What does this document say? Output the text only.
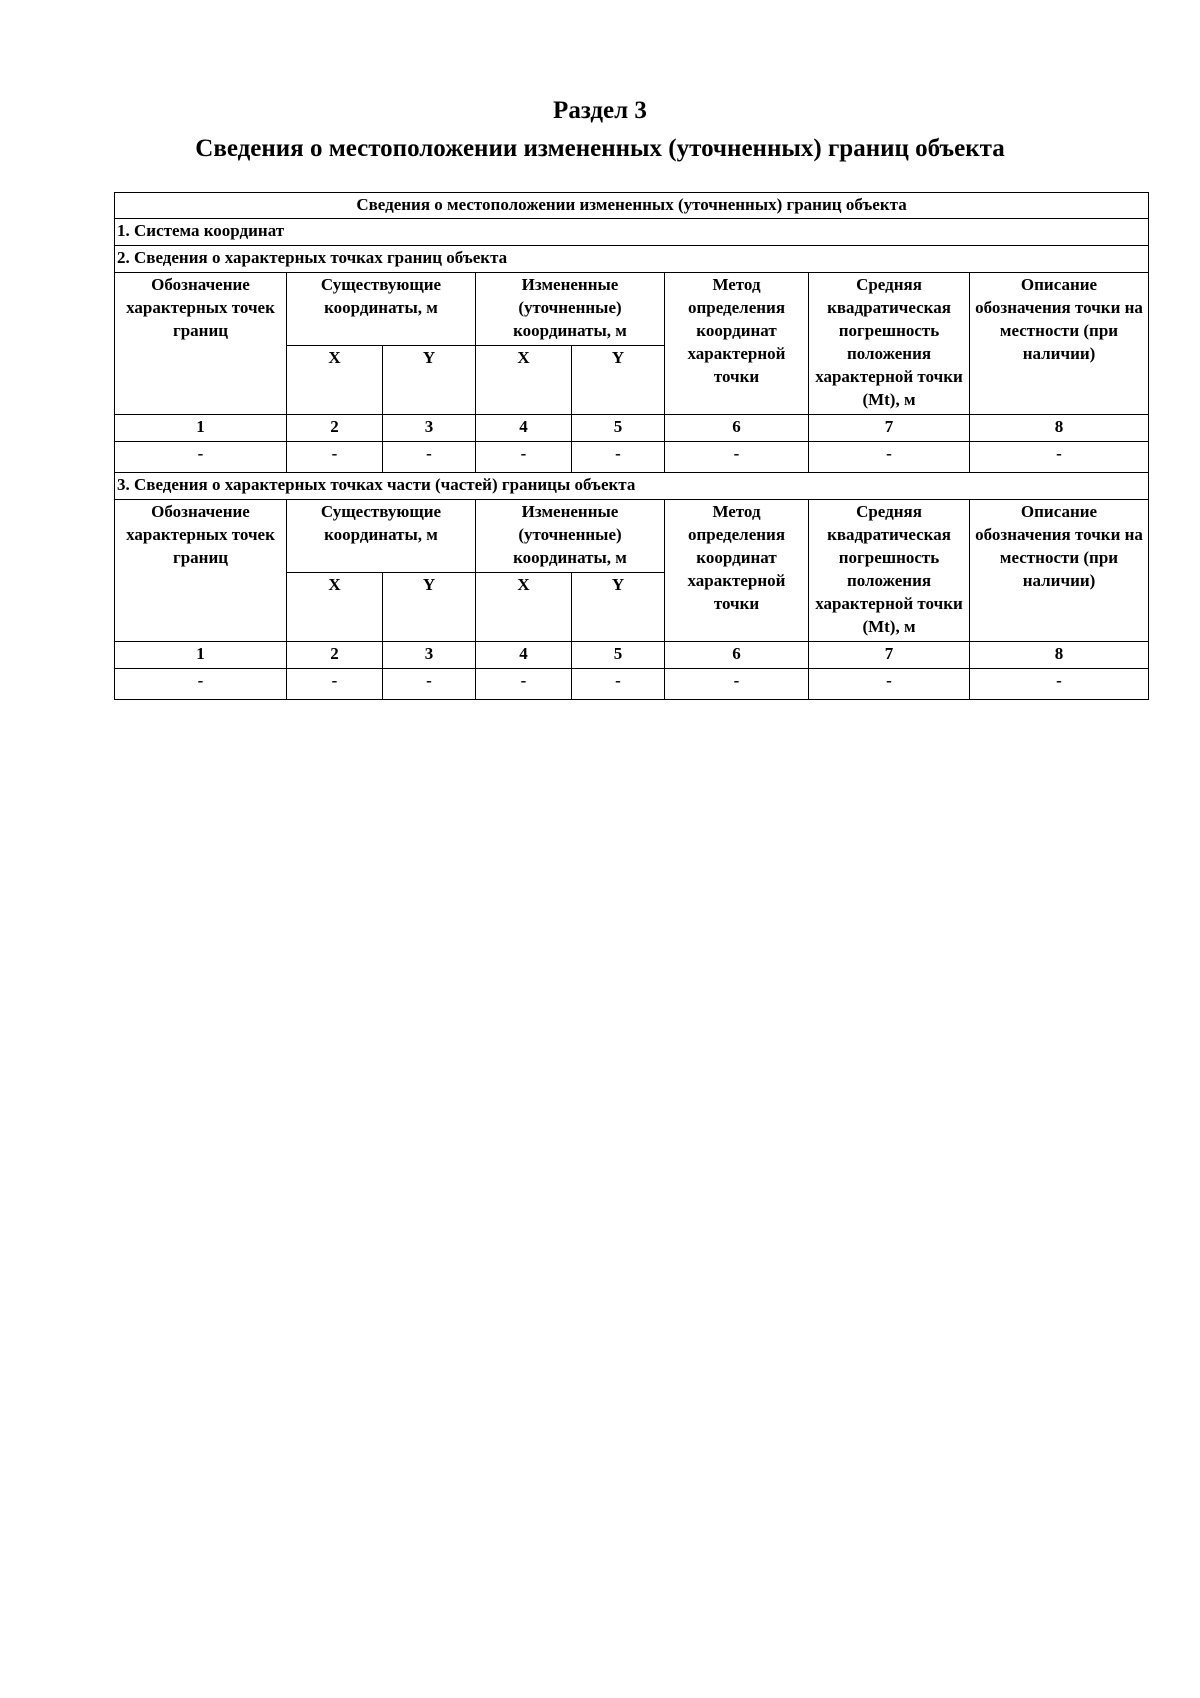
Раздел 3
Сведения о местоположении измененных (уточненных) границ объекта
Сведения о местоположении измененных (уточненных) границ объекта							
1. Система координат							
2. Сведения о характерных точках границ объекта							
Обозначение характерных точек границ	Существующие координаты, м		Измененные (уточненные) координаты, м		Метод определения координат характерной точки	Средняя квадратическая погрешность положения характерной точки (Mt), м	Описание обозначения точки на местности (при наличии)
	X	Y	X	Y			
1	2	3	4	5	6	7	8
-	-	-	-	-	-	-	-
3. Сведения о характерных точках части (частей) границы объекта							
Обозначение характерных точек границ	Существующие координаты, м		Измененные (уточненные) координаты, м		Метод определения координат характерной точки	Средняя квадратическая погрешность положения характерной точки (Mt), м	Описание обозначения точки на местности (при наличии)
	X	Y	X	Y			
1	2	3	4	5	6	7	8
-	-	-	-	-	-	-	-
